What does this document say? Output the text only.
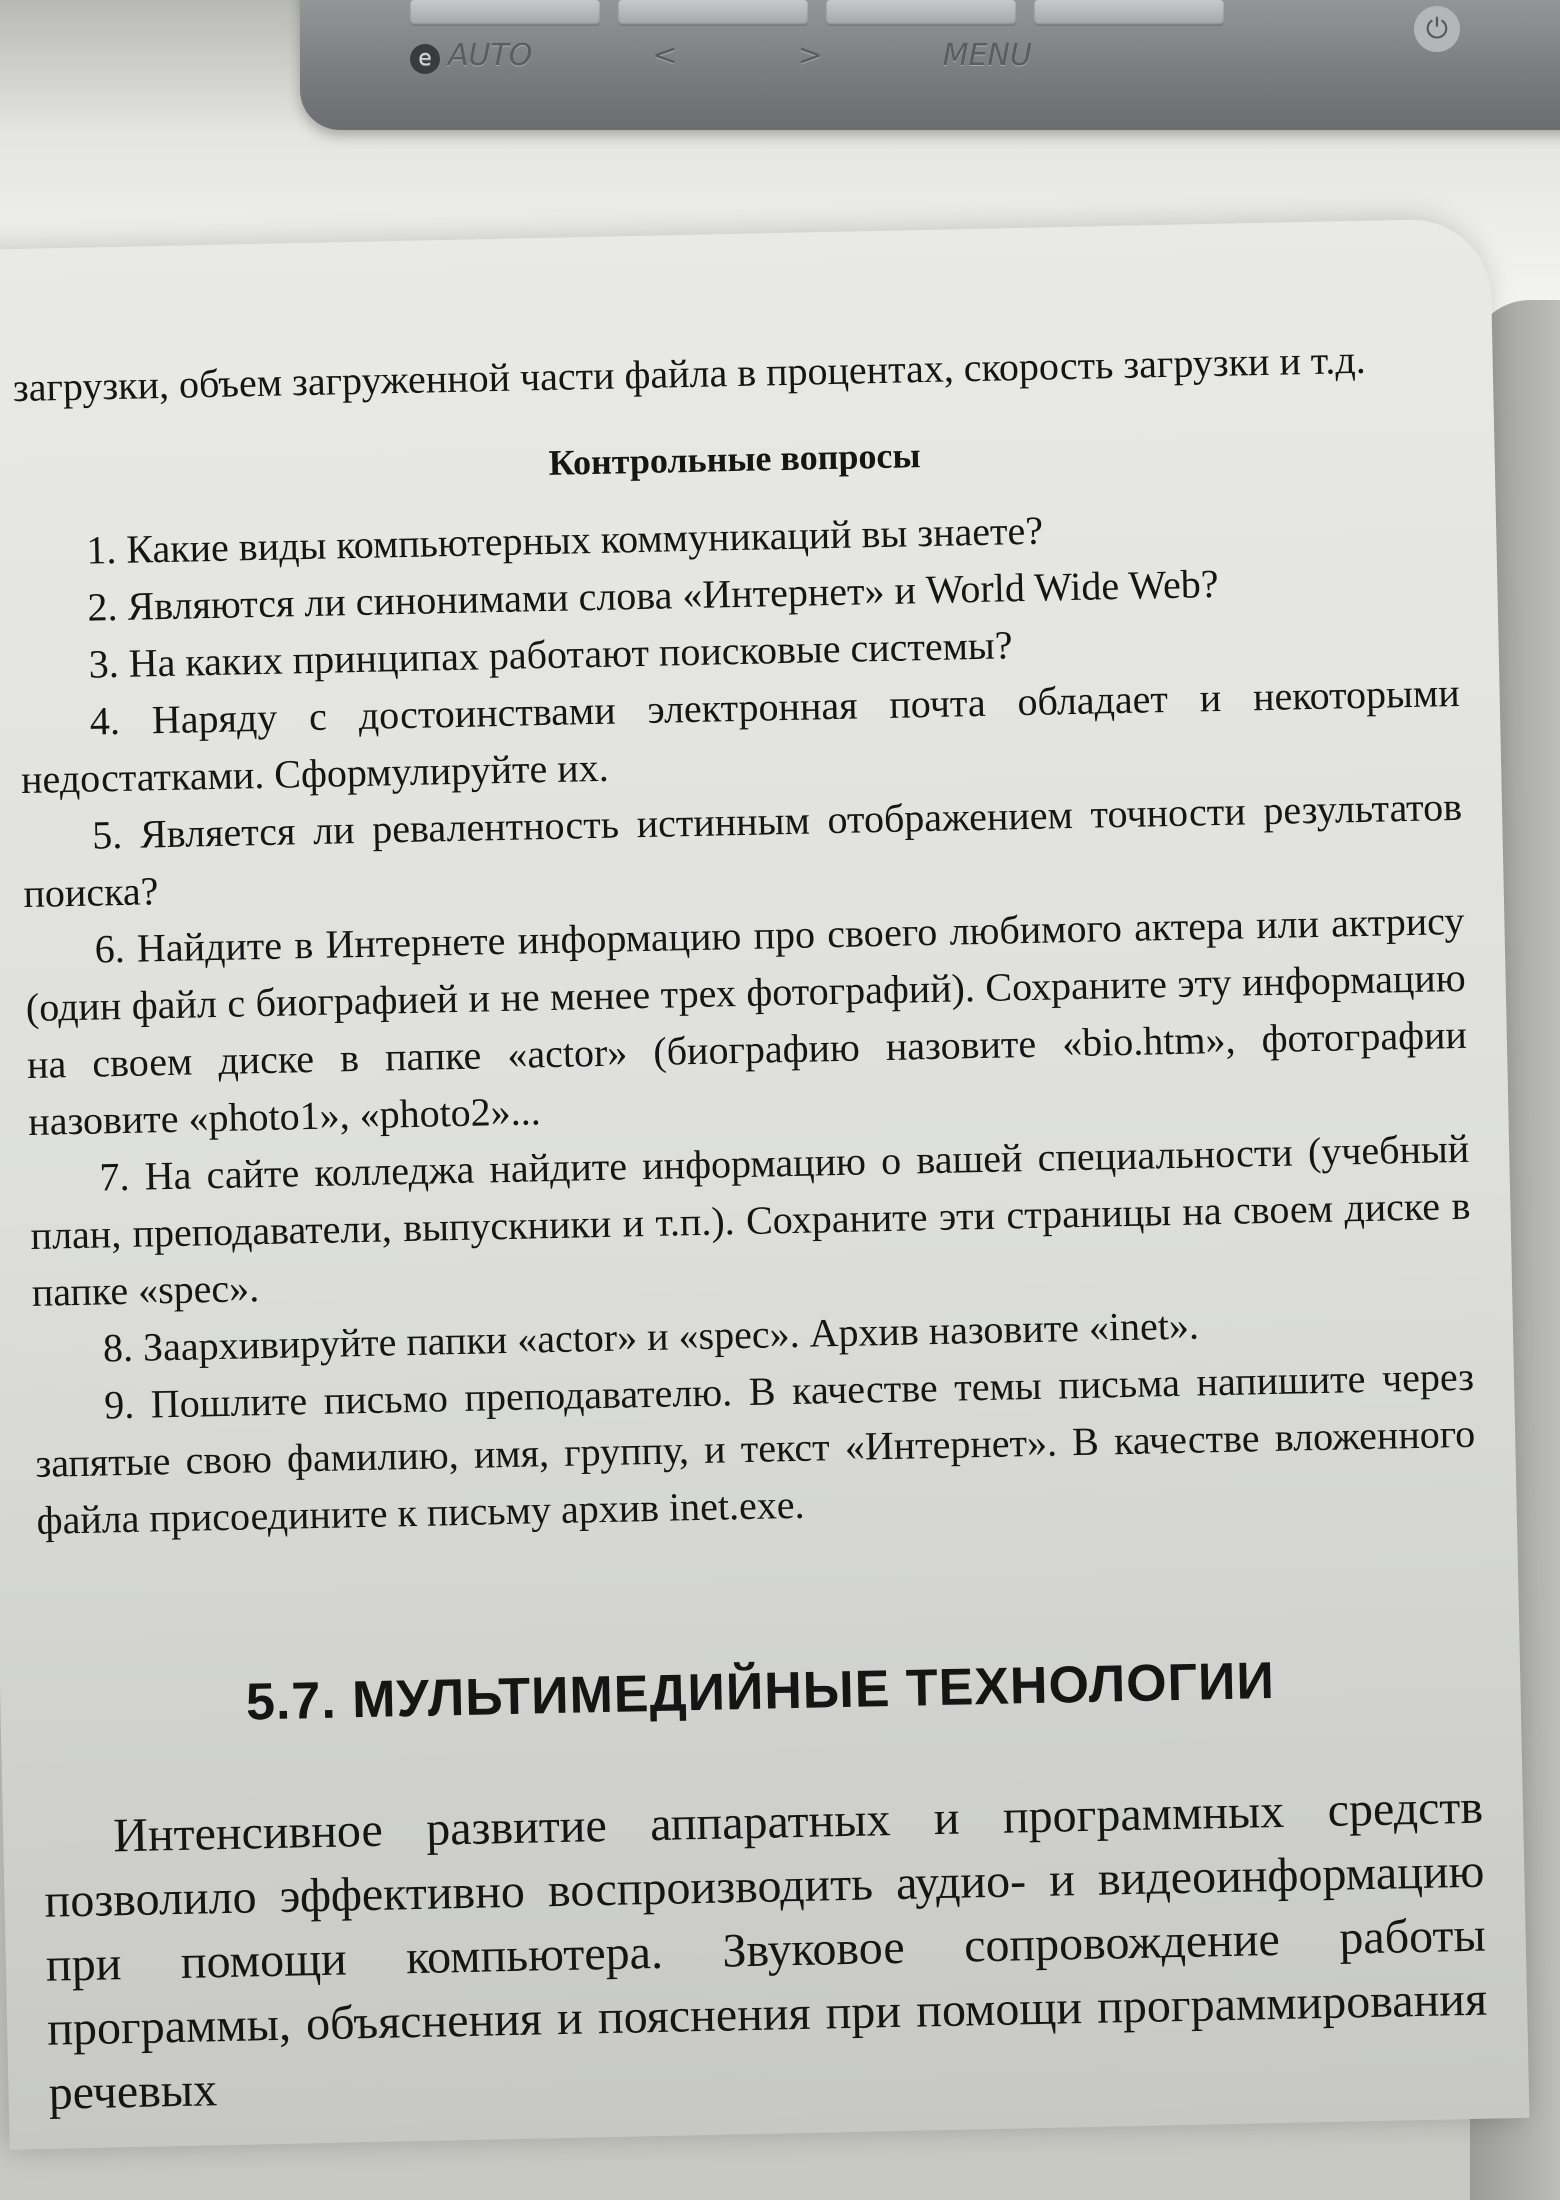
e AUTO	<	>	MENU
⏻

загрузки, объем загруженной части файла в процентах, скорость загрузки и т.д.

Контрольные вопросы

1. Какие виды компьютерных коммуникаций вы знаете?

2. Являются ли синонимами слова «Интернет» и World Wide Web?

3. На каких принципах работают поисковые системы?

4. Наряду с достоинствами электронная почта обладает и некоторыми недостатками. Сформулируйте их.

5. Является ли ревалентность истинным отображением точности результатов поиска?

6. Найдите в Интернете информацию про своего любимого актера или актрису (один файл с биографией и не менее трех фотографий). Сохраните эту информацию на своем диске в папке «actor» (биографию назовите «bio.htm», фотографии назовите «photo1», «photo2»...

7. На сайте колледжа найдите информацию о вашей специальности (учебный план, преподаватели, выпускники и т.п.). Сохраните эти страницы на своем диске в папке «spec».

8. Заархивируйте папки «actor» и «spec». Архив назовите «inet».

9. Пошлите письмо преподавателю. В качестве темы письма напишите через запятые свою фамилию, имя, группу, и текст «Интернет». В качестве вложенного файла присоедините к письму архив inet.exe.

5.7. МУЛЬТИМЕДИЙНЫЕ ТЕХНОЛОГИИ

Интенсивное развитие аппаратных и программных средств позволило эффективно воспроизводить аудио- и видеоинформацию при помощи компьютера. Звуковое сопровождение работы программы, объяснения и пояснения при помощи программирования речевых
